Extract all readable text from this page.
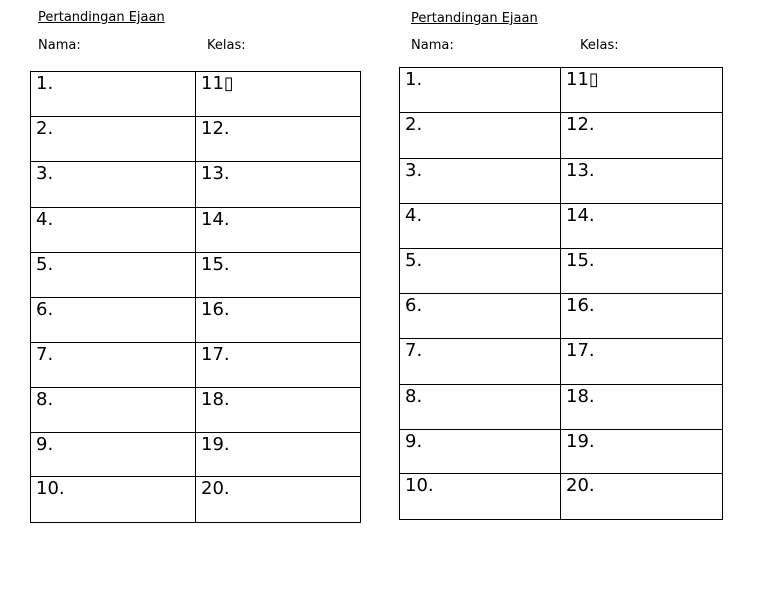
Pertandingan Ejaan
Nama:	Kelas:
1.	11▯
2.	12.
3.	13.
4.	14.
5.	15.
6.	16.
7.	17.
8.	18.
9.	19.
10.	20.
Pertandingan Ejaan
Nama:	Kelas:
1.	11▯
2.	12.
3.	13.
4.	14.
5.	15.
6.	16.
7.	17.
8.	18.
9.	19.
10.	20.
